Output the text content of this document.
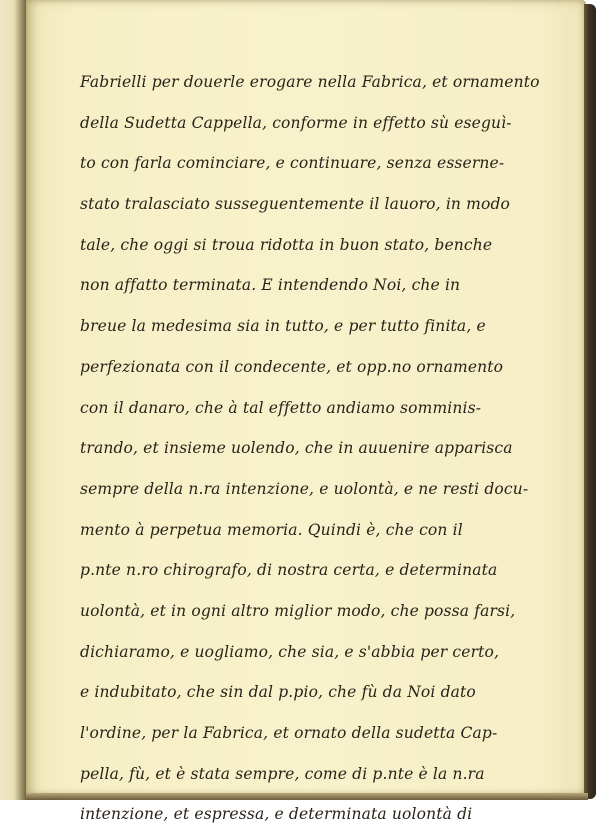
Fabrielli per douerle erogare nella Fabrica, et ornamento
della Sudetta Cappella, conforme in effetto sù eseguì-
to con farla cominciare, e continuare, senza esserne-
stato tralasciato susseguentemente il lauoro, in modo
tale, che oggi si troua ridotta in buon stato, benche
non affatto terminata. E intendendo Noi, che in
breue la medesima sia in tutto, e per tutto finita, e
perfezionata con il condecente, et opp.no ornamento
con il danaro, che à tal effetto andiamo somminis-
trando, et insieme uolendo, che in auuenire apparisca
sempre della n.ra intenzione, e uolontà, e ne resti docu-
mento à perpetua memoria. Quindi è, che con il
p.nte n.ro chirografo, di nostra certa, e determinata
uolontà, et in ogni altro miglior modo, che possa farsi,
dichiaramo, e uogliamo, che sia, e s'abbia per certo,
e indubitato, che sin dal p.pio, che fù da Noi dato
l'ordine, per la Fabrica, et ornato della sudetta Cap-
pella, fù, et è stata sempre, come di p.nte è la n.ra
intenzione, et espressa, e determinata uolontà di
